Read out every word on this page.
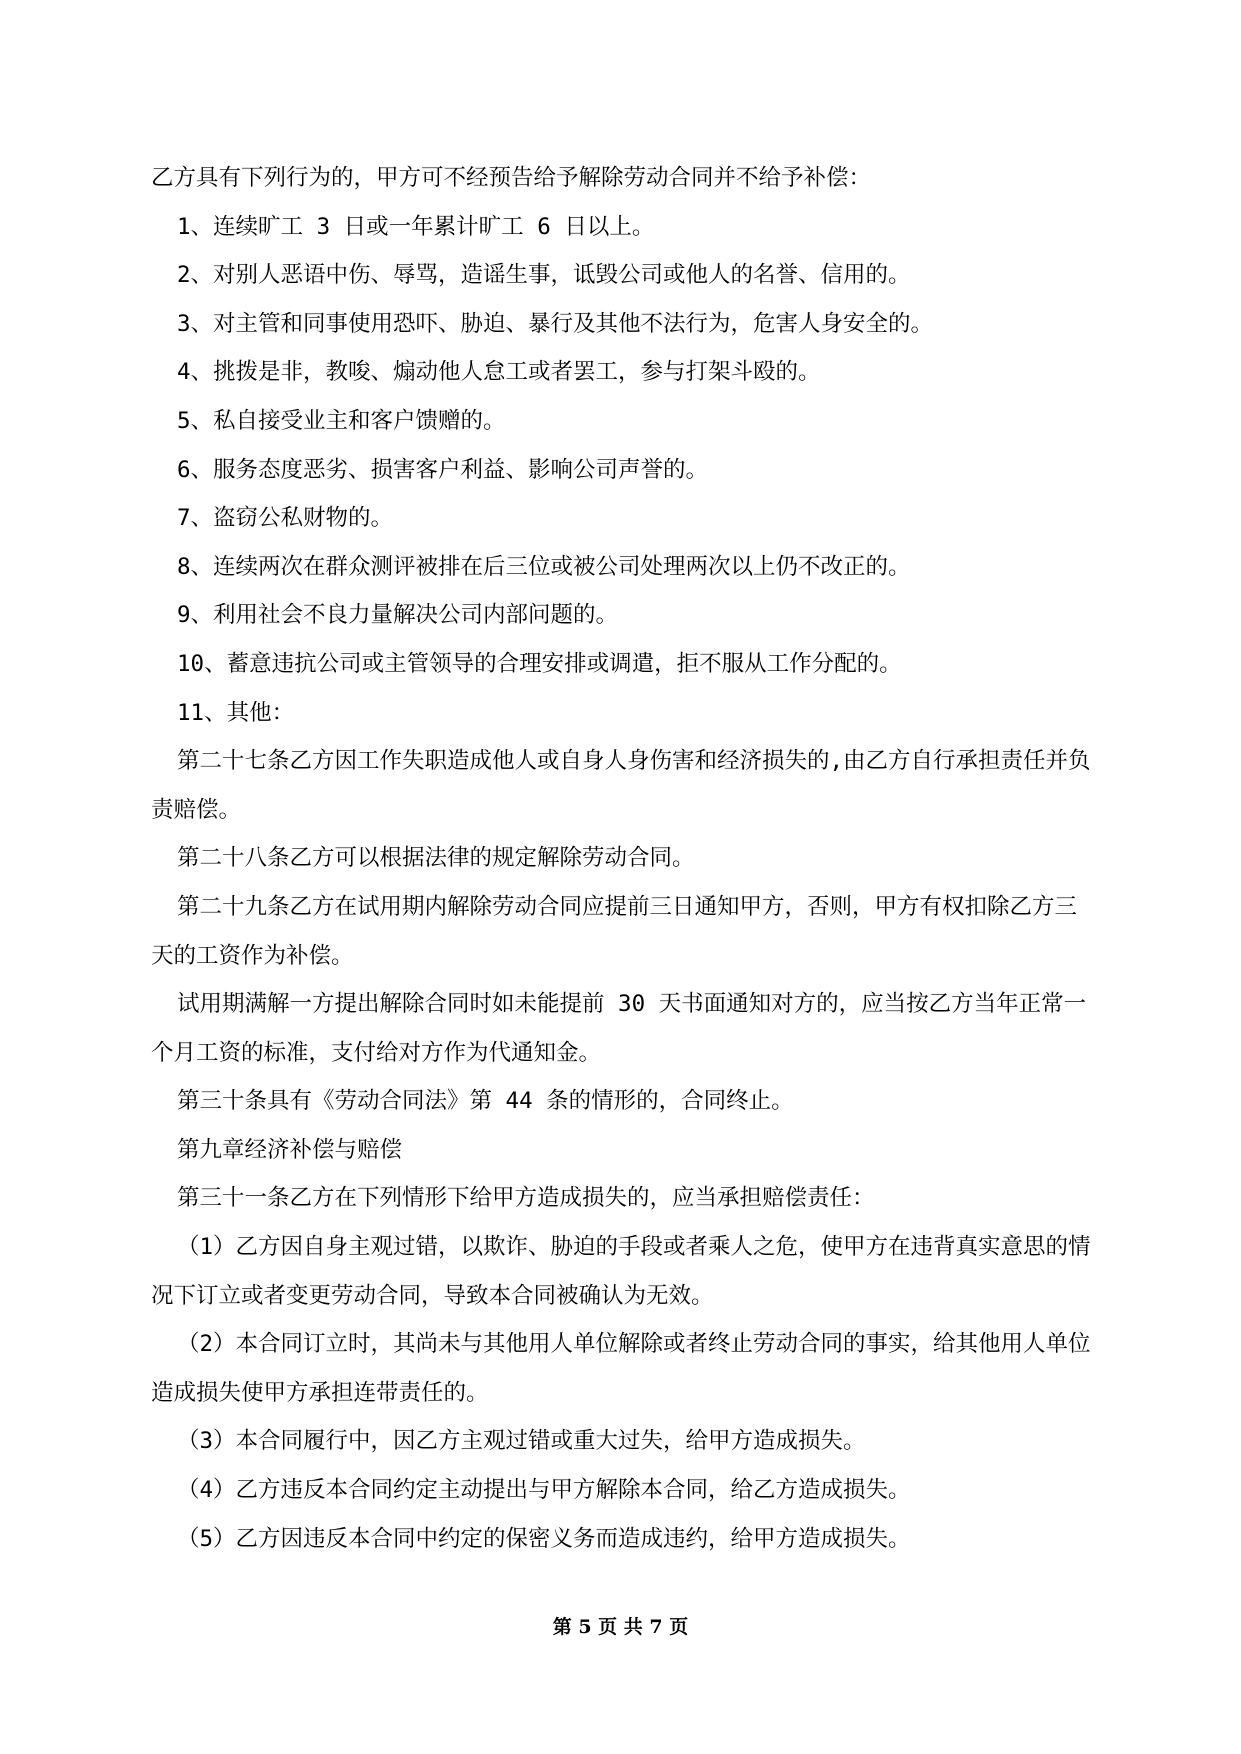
乙方具有下列行为的，甲方可不经预告给予解除劳动合同并不给予补偿：

1、连续旷工 3 日或一年累计旷工 6 日以上。

2、对别人恶语中伤、辱骂，造谣生事，诋毁公司或他人的名誉、信用的。

3、对主管和同事使用恐吓、胁迫、暴行及其他不法行为，危害人身安全的。

4、挑拨是非，教唆、煽动他人怠工或者罢工，参与打架斗殴的。

5、私自接受业主和客户馈赠的。

6、服务态度恶劣、损害客户利益、影响公司声誉的。

7、盗窃公私财物的。

8、连续两次在群众测评被排在后三位或被公司处理两次以上仍不改正的。

9、利用社会不良力量解决公司内部问题的。

10、蓄意违抗公司或主管领导的合理安排或调遣，拒不服从工作分配的。

11、其他：

第二十七条乙方因工作失职造成他人或自身人身伤害和经济损失的,由乙方自行承担责任并负责赔偿。

第二十八条乙方可以根据法律的规定解除劳动合同。

第二十九条乙方在试用期内解除劳动合同应提前三日通知甲方，否则，甲方有权扣除乙方三天的工资作为补偿。

试用期满解一方提出解除合同时如未能提前 30 天书面通知对方的，应当按乙方当年正常一个月工资的标准，支付给对方作为代通知金。

第三十条具有《劳动合同法》第 44 条的情形的，合同终止。

第九章经济补偿与赔偿

第三十一条乙方在下列情形下给甲方造成损失的，应当承担赔偿责任：

（1）乙方因自身主观过错，以欺诈、胁迫的手段或者乘人之危，使甲方在违背真实意思的情况下订立或者变更劳动合同，导致本合同被确认为无效。

（2）本合同订立时，其尚未与其他用人单位解除或者终止劳动合同的事实，给其他用人单位造成损失使甲方承担连带责任的。

（3）本合同履行中，因乙方主观过错或重大过失，给甲方造成损失。

（4）乙方违反本合同约定主动提出与甲方解除本合同，给乙方造成损失。

（5）乙方因违反本合同中约定的保密义务而造成违约，给甲方造成损失。

第 5 页 共 7 页
